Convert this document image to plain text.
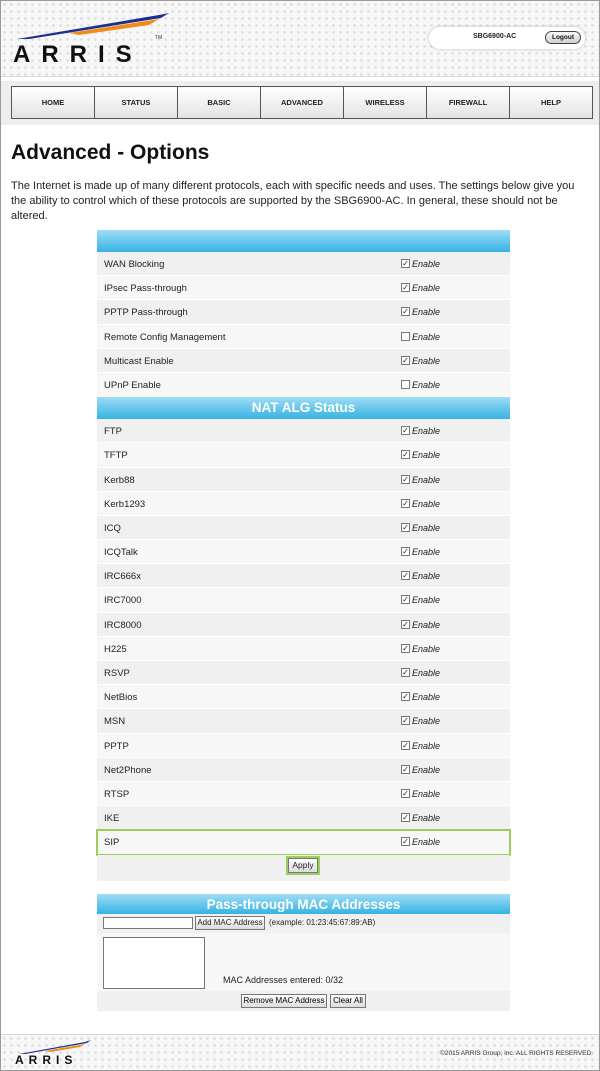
ARRIS
TM	SBG6900-AC	Logout
HOME	STATUS	BASIC	ADVANCED	WIRELESS	FIREWALL	HELP
Advanced - Options
The Internet is made up of many different protocols, each with specific needs and uses. The settings below give you the ability to control which of these protocols are supported by the SBG6900-AC. In general, these should not be altered.
WAN Blocking	✓ Enable
IPsec Pass-through	✓ Enable
PPTP Pass-through	✓ Enable
Remote Config Management	Enable
Multicast Enable	✓ Enable
UPnP Enable	Enable
NAT ALG Status
FTP	✓ Enable
TFTP	✓ Enable
Kerb88	✓ Enable
Kerb1293	✓ Enable
ICQ	✓ Enable
ICQTalk	✓ Enable
IRC666x	✓ Enable
IRC7000	✓ Enable
IRC8000	✓ Enable
H225	✓ Enable
RSVP	✓ Enable
NetBios	✓ Enable
MSN	✓ Enable
PPTP	✓ Enable
Net2Phone	✓ Enable
RTSP	✓ Enable
IKE	✓ Enable
SIP	✓ Enable
Apply
Pass-through MAC Addresses
Add MAC Address (example: 01:23:45:67:89:AB)
MAC Addresses entered: 0/32
Remove MAC Address	Clear All
ARRIS	©2015 ARRIS Group, Inc. ALL RIGHTS RESERVED.
